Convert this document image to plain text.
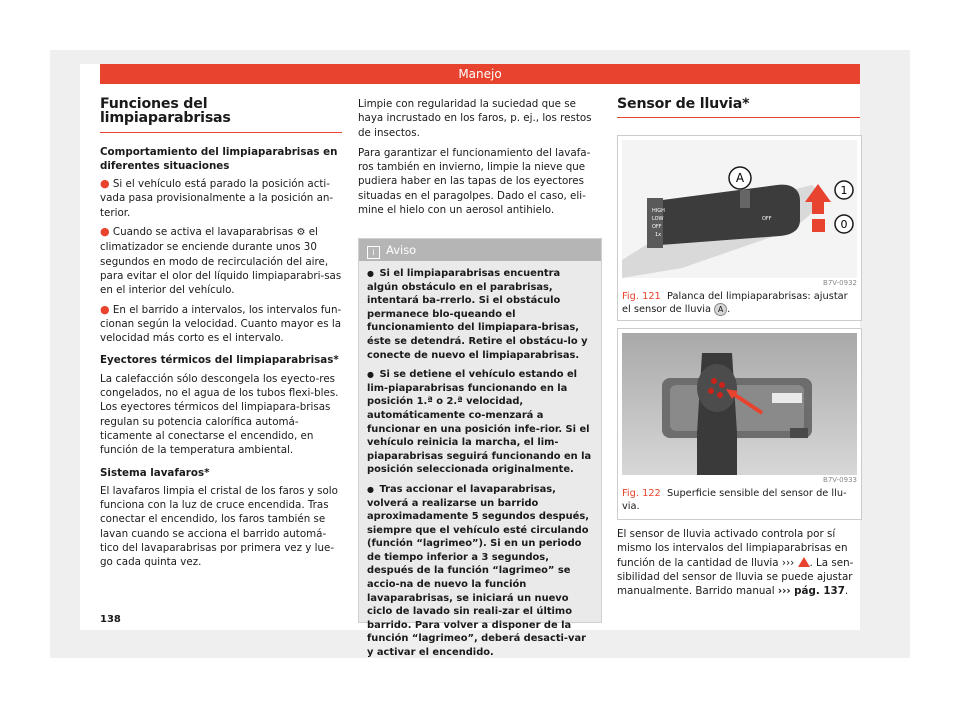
Manejo
Funciones del limpiaparabrisas
Comportamiento del limpiaparabrisas en diferentes situaciones

● Si el vehículo está parado la posición acti-vada pasa provisionalmente a la posición an-terior.

● Cuando se activa el lavaparabrisas ⚙ el climatizador se enciende durante unos 30 segundos en modo de recirculación del aire, para evitar el olor del líquido limpiaparabri-sas en el interior del vehículo.

● En el barrido a intervalos, los intervalos fun-cionan según la velocidad. Cuanto mayor es la velocidad más corto es el intervalo.

Eyectores térmicos del limpiaparabrisas*

La calefacción sólo descongela los eyecto-res congelados, no el agua de los tubos flexi-bles. Los eyectores térmicos del limpiapara-brisas regulan su potencia calorífica automá-ticamente al conectarse el encendido, en función de la temperatura ambiental.

Sistema lavafaros*

El lavafaros limpia el cristal de los faros y solo funciona con la luz de cruce encendida. Tras conectar el encendido, los faros también se lavan cuando se acciona el barrido automá-tico del lavaparabrisas por primera vez y lue-go cada quinta vez.

Limpie con regularidad la suciedad que se haya incrustado en los faros, p. ej., los restos de insectos.

Para garantizar el funcionamiento del lavafa-ros también en invierno, limpie la nieve que pudiera haber en las tapas de los eyectores situadas en el paragolpes. Dado el caso, eli-mine el hielo con un aerosol antihielo.

i Aviso
● Si el limpiaparabrisas encuentra algún obstáculo en el parabrisas, intentará ba-rrerlo. Si el obstáculo permanece blo-queando el funcionamiento del limpiapara-brisas, éste se detendrá. Retire el obstácu-lo y conecte de nuevo el limpiaparabrisas.
● Si se detiene el vehículo estando el lim-piaparabrisas funcionando en la posición 1.ª o 2.ª velocidad, automáticamente co-menzará a funcionar en una posición infe-rior. Si el vehículo reinicia la marcha, el lim-piaparabrisas seguirá funcionando en la posición seleccionada originalmente.
● Tras accionar el lavaparabrisas, volverá a realizarse un barrido aproximadamente 5 segundos después, siempre que el vehículo esté circulando (función “lagrimeo”). Si en un periodo de tiempo inferior a 3 segundos, después de la función “lagrimeo” se accio-na de nuevo la función lavaparabrisas, se iniciará un nuevo ciclo de lavado sin reali-zar el último barrido. Para volver a disponer de la función “lagrimeo”, deberá desacti-var y activar el encendido.
Sensor de lluvia*
HIGH
LOW
OFF
1x
OFF
A
1
0
B7V-0932
Fig. 121 Palanca del limpiaparabrisas: ajustar el sensor de lluvia A .
B7V-0933
Fig. 122 Superficie sensible del sensor de llu-via.
El sensor de lluvia activado controla por sí mismo los intervalos del limpiaparabrisas en función de la cantidad de lluvia ››› . La sen-sibilidad del sensor de lluvia se puede ajustar manualmente. Barrido manual ››› pág. 137.
138
